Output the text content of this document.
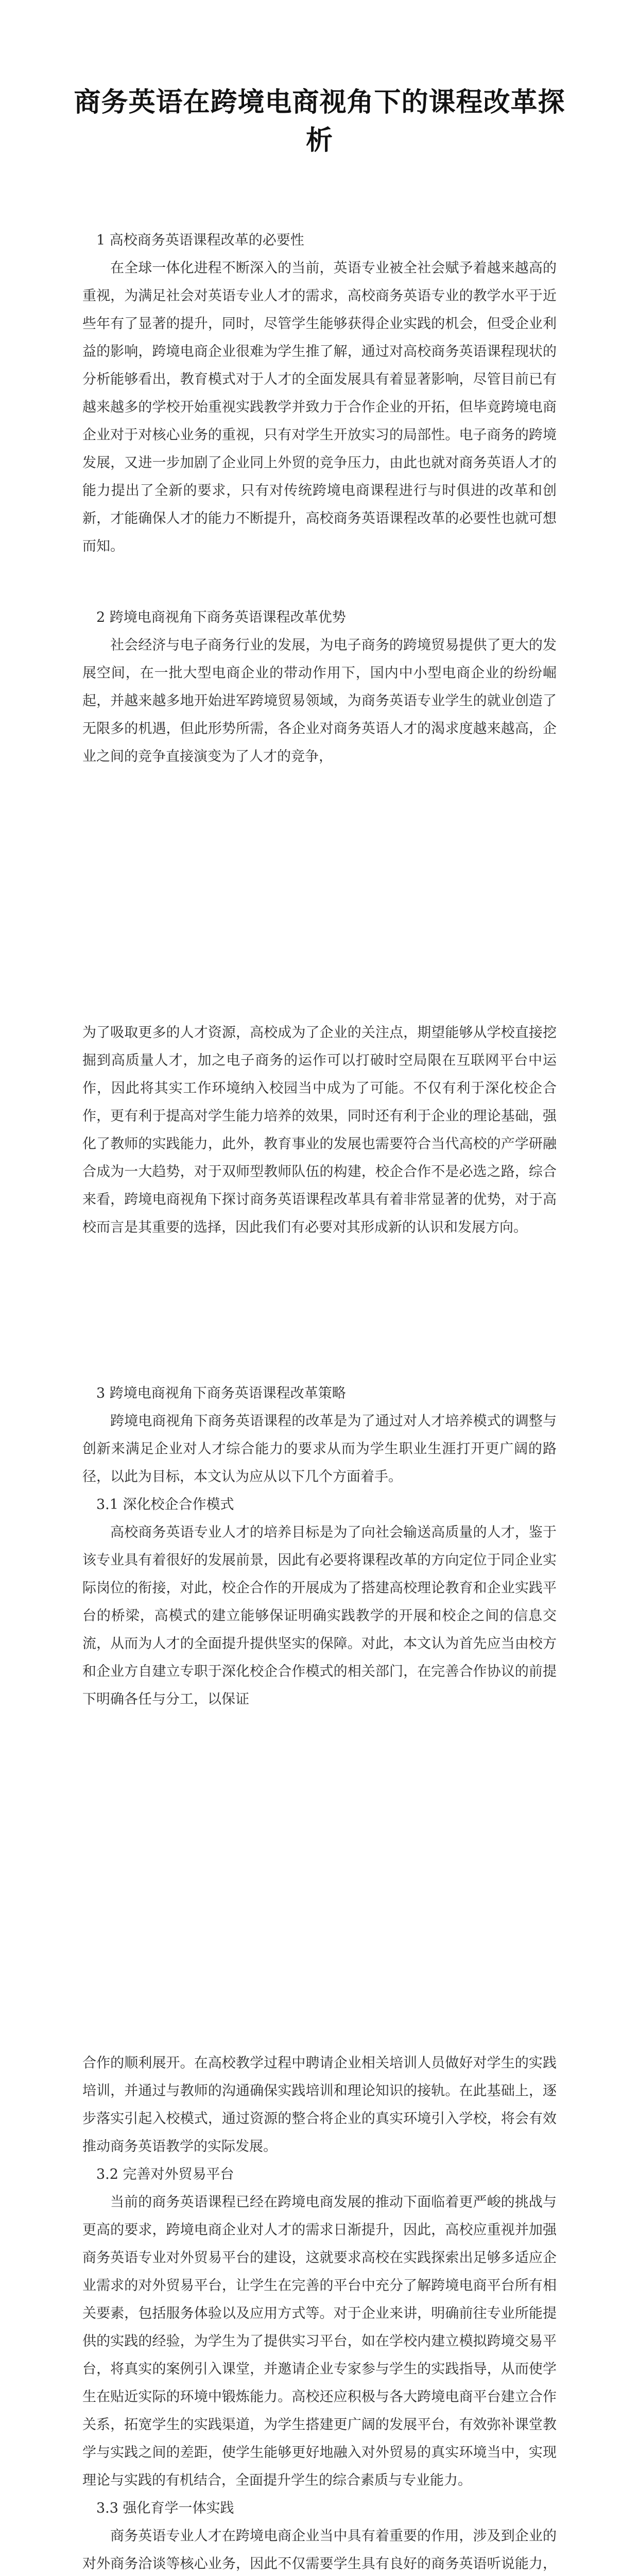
商务英语在跨境电商视角下的课程改革探析

1 高校商务英语课程改革的必要性

在全球一体化进程不断深入的当前，英语专业被全社会赋予着越来越高的重视，为满足社会对英语专业人才的需求，高校商务英语专业的教学水平于近些年有了显著的提升，同时，尽管学生能够获得企业实践的机会，但受企业利益的影响，跨境电商企业很难为学生推了解，通过对高校商务英语课程现状的分析能够看出，教育模式对于人才的全面发展具有着显著影响，尽管目前已有越来越多的学校开始重视实践教学并致力于合作企业的开拓，但毕竟跨境电商企业对于对核心业务的重视，只有对学生开放实习的局部性。电子商务的跨境发展，又进一步加剧了企业同上外贸的竞争压力，由此也就对商务英语人才的能力提出了全新的要求，只有对传统跨境电商课程进行与时俱进的改革和创新，才能确保人才的能力不断提升，高校商务英语课程改革的必要性也就可想而知。

2 跨境电商视角下商务英语课程改革优势

社会经济与电子商务行业的发展，为电子商务的跨境贸易提供了更大的发展空间，在一批大型电商企业的带动作用下，国内中小型电商企业的纷纷崛起，并越来越多地开始进军跨境贸易领域，为商务英语专业学生的就业创造了无限多的机遇，但此形势所需，各企业对商务英语人才的渴求度越来越高，企业之间的竞争直接演变为了人才的竞争，

为了吸取更多的人才资源，高校成为了企业的关注点，期望能够从学校直接挖掘到高质量人才，加之电子商务的运作可以打破时空局限在互联网平台中运作，因此将其实工作环境纳入校园当中成为了可能。不仅有利于深化校企合作，更有利于提高对学生能力培养的效果，同时还有利于企业的理论基础，强化了教师的实践能力，此外，教育事业的发展也需要符合当代高校的产学研融合成为一大趋势，对于双师型教师队伍的构建，校企合作不是必选之路，综合来看，跨境电商视角下探讨商务英语课程改革具有着非常显著的优势，对于高校而言是其重要的选择，因此我们有必要对其形成新的认识和发展方向。

3 跨境电商视角下商务英语课程改革策略

跨境电商视角下商务英语课程的改革是为了通过对人才培养模式的调整与创新来满足企业对人才综合能力的要求从而为学生职业生涯打开更广阔的路径，以此为目标，本文认为应从以下几个方面着手。

3.1 深化校企合作模式

高校商务英语专业人才的培养目标是为了向社会输送高质量的人才，鉴于该专业具有着很好的发展前景，因此有必要将课程改革的方向定位于同企业实际岗位的衔接，对此，校企合作的开展成为了搭建高校理论教育和企业实践平台的桥梁，高模式的建立能够保证明确实践教学的开展和校企之间的信息交流，从而为人才的全面提升提供坚实的保障。对此，本文认为首先应当由校方和企业方自建立专职于深化校企合作模式的相关部门，在完善合作协议的前提下明确各任与分工，以保证

合作的顺利展开。在高校教学过程中聘请企业相关培训人员做好对学生的实践培训，并通过与教师的沟通确保实践培训和理论知识的接轨。在此基础上，逐步落实引起入校模式，通过资源的整合将企业的真实环境引入学校，将会有效推动商务英语教学的实际发展。

3.2 完善对外贸易平台

当前的商务英语课程已经在跨境电商发展的推动下面临着更严峻的挑战与更高的要求，跨境电商企业对人才的需求日渐提升，因此，高校应重视并加强商务英语专业对外贸易平台的建设，这就要求高校在实践探索出足够多适应企业需求的对外贸易平台，让学生在完善的平台中充分了解跨境电商平台所有相关要素，包括服务体验以及应用方式等。对于企业来讲，明确前往专业所能提供的实践的经验，为学生为了提供实习平台，如在学校内建立模拟跨境交易平台，将真实的案例引入课堂，并邀请企业专家参与学生的实践指导，从而使学生在贴近实际的环境中锻炼能力。高校还应积极与各大跨境电商平台建立合作关系，拓宽学生的实践渠道，为学生搭建更广阔的发展平台，有效弥补课堂教学与实践之间的差距，使学生能够更好地融入对外贸易的真实环境当中，实现理论与实践的有机结合，全面提升学生的综合素质与专业能力。

3.3 强化育学一体实践

商务英语专业人才在跨境电商企业当中具有着重要的作用，涉及到企业的对外商务洽谈等核心业务，因此不仅需要学生具有良好的商务英语听说能力，
